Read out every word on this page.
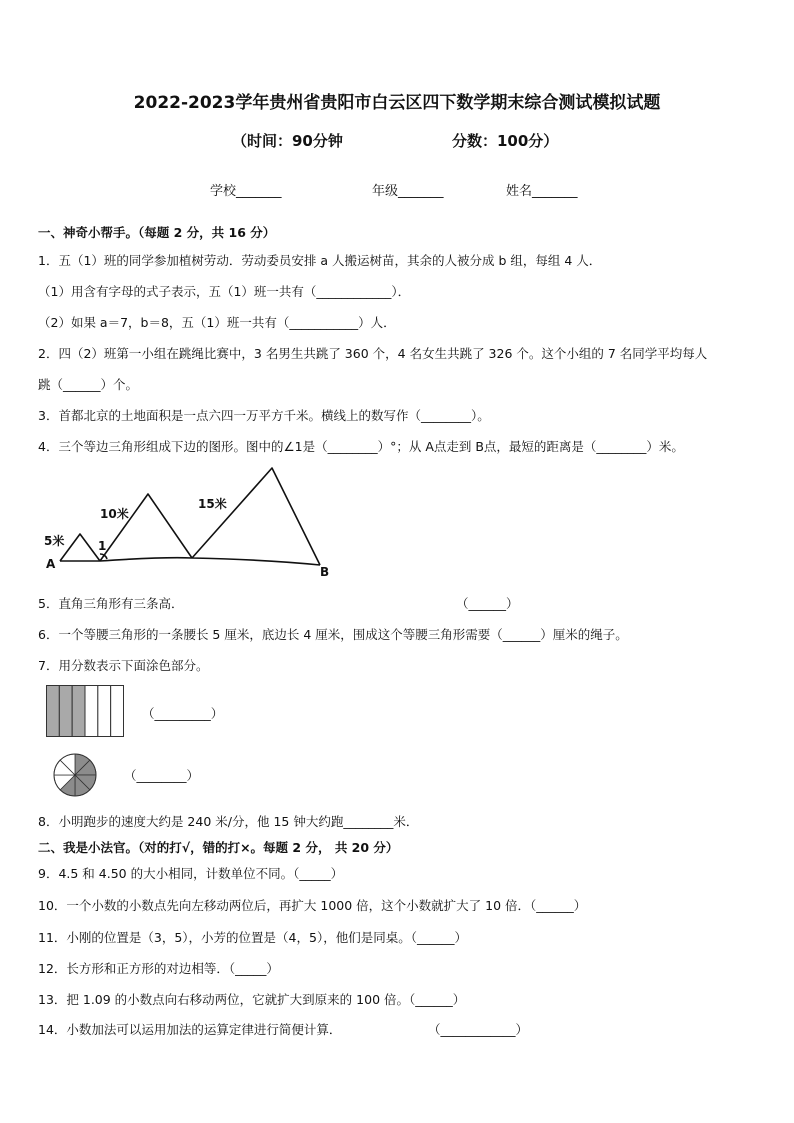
2022-2023学年贵州省贵阳市白云区四下数学期末综合测试模拟试题
（时间：90分钟	分数：100分）
学校_______	年级_______	姓名_______
一、神奇小帮手。（每题 2 分，共 16 分）
1．五（1）班的同学参加植树劳动．劳动委员安排 a 人搬运树苗，其余的人被分成 b 组，每组 4 人．
（1）用含有字母的式子表示，五（1）班一共有（____________）．
（2）如果 a＝7，b＝8，五（1）班一共有（___________）人．
2．四（2）班第一小组在跳绳比赛中，3 名男生共跳了 360 个，4 名女生共跳了 326 个。这个小组的 7 名同学平均每人
跳（______）个。
3．首都北京的土地面积是一点六四一万平方千米。横线上的数写作（________）。
4．三个等边三角形组成下边的图形。图中的∠1是（________）°；从 A点走到 B点，最短的距离是（________）米。
5米
10米
15米
1
A
B
5．直角三角形有三条高．	（______）
6．一个等腰三角形的一条腰长 5 厘米，底边长 4 厘米，围成这个等腰三角形需要（______）厘米的绳子。
7．用分数表示下面涂色部分。
（_________）
（________）
8．小明跑步的速度大约是 240 米/分，他 15 钟大约跑________米．
二、我是小法官。（对的打√，错的打×。每题 2 分， 共 20 分）
9．4.5 和 4.50 的大小相同，计数单位不同。（_____）
10．一个小数的小数点先向左移动两位后，再扩大 1000 倍，这个小数就扩大了 10 倍．（______）
11．小刚的位置是（3，5），小芳的位置是（4，5），他们是同桌。（______）
12．长方形和正方形的对边相等．（_____）
13．把 1.09 的小数点向右移动两位，它就扩大到原来的 100 倍。（______）
14．小数加法可以运用加法的运算定律进行简便计算．	（____________）
